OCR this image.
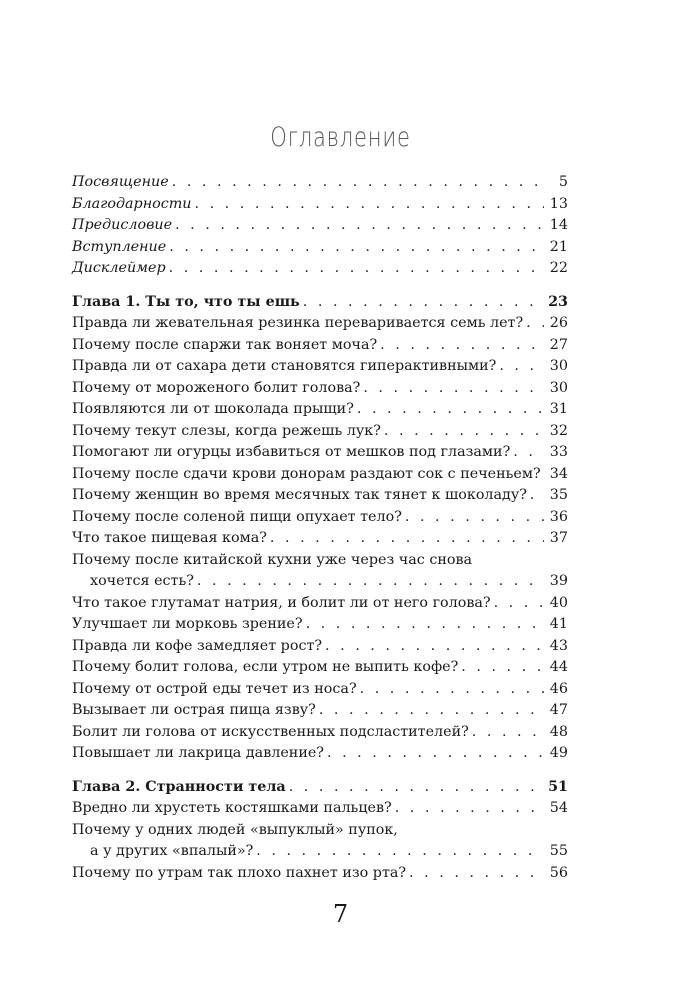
Оглавление
Посвящение . . .	5
Благодарности . . .	13
Предисловие . . .	14
Вступление . . .	21
Дисклеймер . . .	22
Глава 1. Ты то, что ты ешь . . .	23
Правда ли жевательная резинка переваривается семь лет? . . . 26
Почему после спаржи так воняет моча? . . .	27
Правда ли от сахара дети становятся гиперактивными? . . .	30
Почему от мороженого болит голова? . . .	30
Появляются ли от шоколада прыщи? . . .	31
Почему текут слезы, когда режешь лук? . . .	32
Помогают ли огурцы избавиться от мешков под глазами? . . .	33
Почему после сдачи крови донорам раздают сок с печеньем? . . . 34
Почему женщин во время месячных так тянет к шоколаду? . . . 35
Почему после соленой пищи опухает тело? . . .	36
Что такое пищевая кома? . . .	37
Почему после китайской кухни уже через час снова
хочется есть? . . .	39
Что такое глутамат натрия, и болит ли от него голова? . . .	40
Улучшает ли морковь зрение? . . .	41
Правда ли кофе замедляет рост? . . .	43
Почему болит голова, если утром не выпить кофе? . . .	44
Почему от острой еды течет из носа? . . .	46
Вызывает ли острая пища язву? . . .	47
Болит ли голова от искусственных подсластителей? . . .	48
Повышает ли лакрица давление? . . .	49
Глава 2. Странности тела . . .	51
Вредно ли хрустеть костяшками пальцев? . . .	54
Почему у одних людей «выпуклый» пупок,
а у других «впалый»? . . .	55
Почему по утрам так плохо пахнет изо рта? . . .	56
7
